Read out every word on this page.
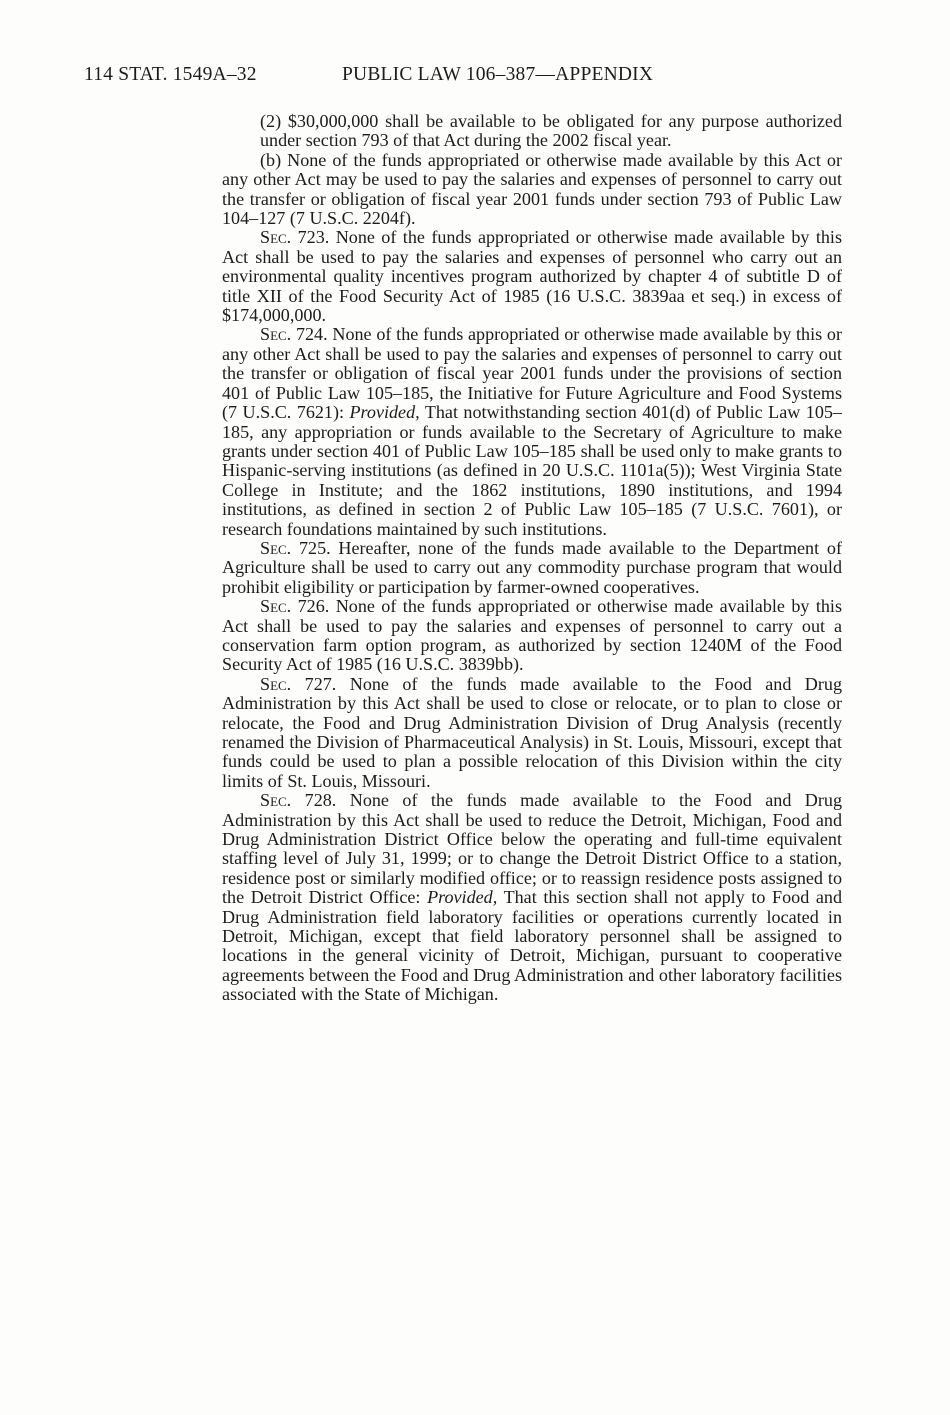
114 STAT. 1549A–32	PUBLIC LAW 106–387—APPENDIX

(2) $30,000,000 shall be available to be obligated for any purpose authorized under section 793 of that Act during the 2002 fiscal year.

(b) None of the funds appropriated or otherwise made available by this Act or any other Act may be used to pay the salaries and expenses of personnel to carry out the transfer or obligation of fiscal year 2001 funds under section 793 of Public Law 104–127 (7 U.S.C. 2204f).

Sec. 723. None of the funds appropriated or otherwise made available by this Act shall be used to pay the salaries and expenses of personnel who carry out an environmental quality incentives program authorized by chapter 4 of subtitle D of title XII of the Food Security Act of 1985 (16 U.S.C. 3839aa et seq.) in excess of $174,000,000.

Sec. 724. None of the funds appropriated or otherwise made available by this or any other Act shall be used to pay the salaries and expenses of personnel to carry out the transfer or obligation of fiscal year 2001 funds under the provisions of section 401 of Public Law 105–185, the Initiative for Future Agriculture and Food Systems (7 U.S.C. 7621): Provided, That notwithstanding section 401(d) of Public Law 105–185, any appropriation or funds available to the Secretary of Agriculture to make grants under section 401 of Public Law 105–185 shall be used only to make grants to Hispanic-serving institutions (as defined in 20 U.S.C. 1101a(5)); West Virginia State College in Institute; and the 1862 institutions, 1890 institutions, and 1994 institutions, as defined in section 2 of Public Law 105–185 (7 U.S.C. 7601), or research foundations maintained by such institutions.

Sec. 725. Hereafter, none of the funds made available to the Department of Agriculture shall be used to carry out any commodity purchase program that would prohibit eligibility or participation by farmer-owned cooperatives.

Sec. 726. None of the funds appropriated or otherwise made available by this Act shall be used to pay the salaries and expenses of personnel to carry out a conservation farm option program, as authorized by section 1240M of the Food Security Act of 1985 (16 U.S.C. 3839bb).

Sec. 727. None of the funds made available to the Food and Drug Administration by this Act shall be used to close or relocate, or to plan to close or relocate, the Food and Drug Administration Division of Drug Analysis (recently renamed the Division of Pharmaceutical Analysis) in St. Louis, Missouri, except that funds could be used to plan a possible relocation of this Division within the city limits of St. Louis, Missouri.

Sec. 728. None of the funds made available to the Food and Drug Administration by this Act shall be used to reduce the Detroit, Michigan, Food and Drug Administration District Office below the operating and full-time equivalent staffing level of July 31, 1999; or to change the Detroit District Office to a station, residence post or similarly modified office; or to reassign residence posts assigned to the Detroit District Office: Provided, That this section shall not apply to Food and Drug Administration field laboratory facilities or operations currently located in Detroit, Michigan, except that field laboratory personnel shall be assigned to locations in the general vicinity of Detroit, Michigan, pursuant to cooperative agreements between the Food and Drug Administration and other laboratory facilities associated with the State of Michigan.
